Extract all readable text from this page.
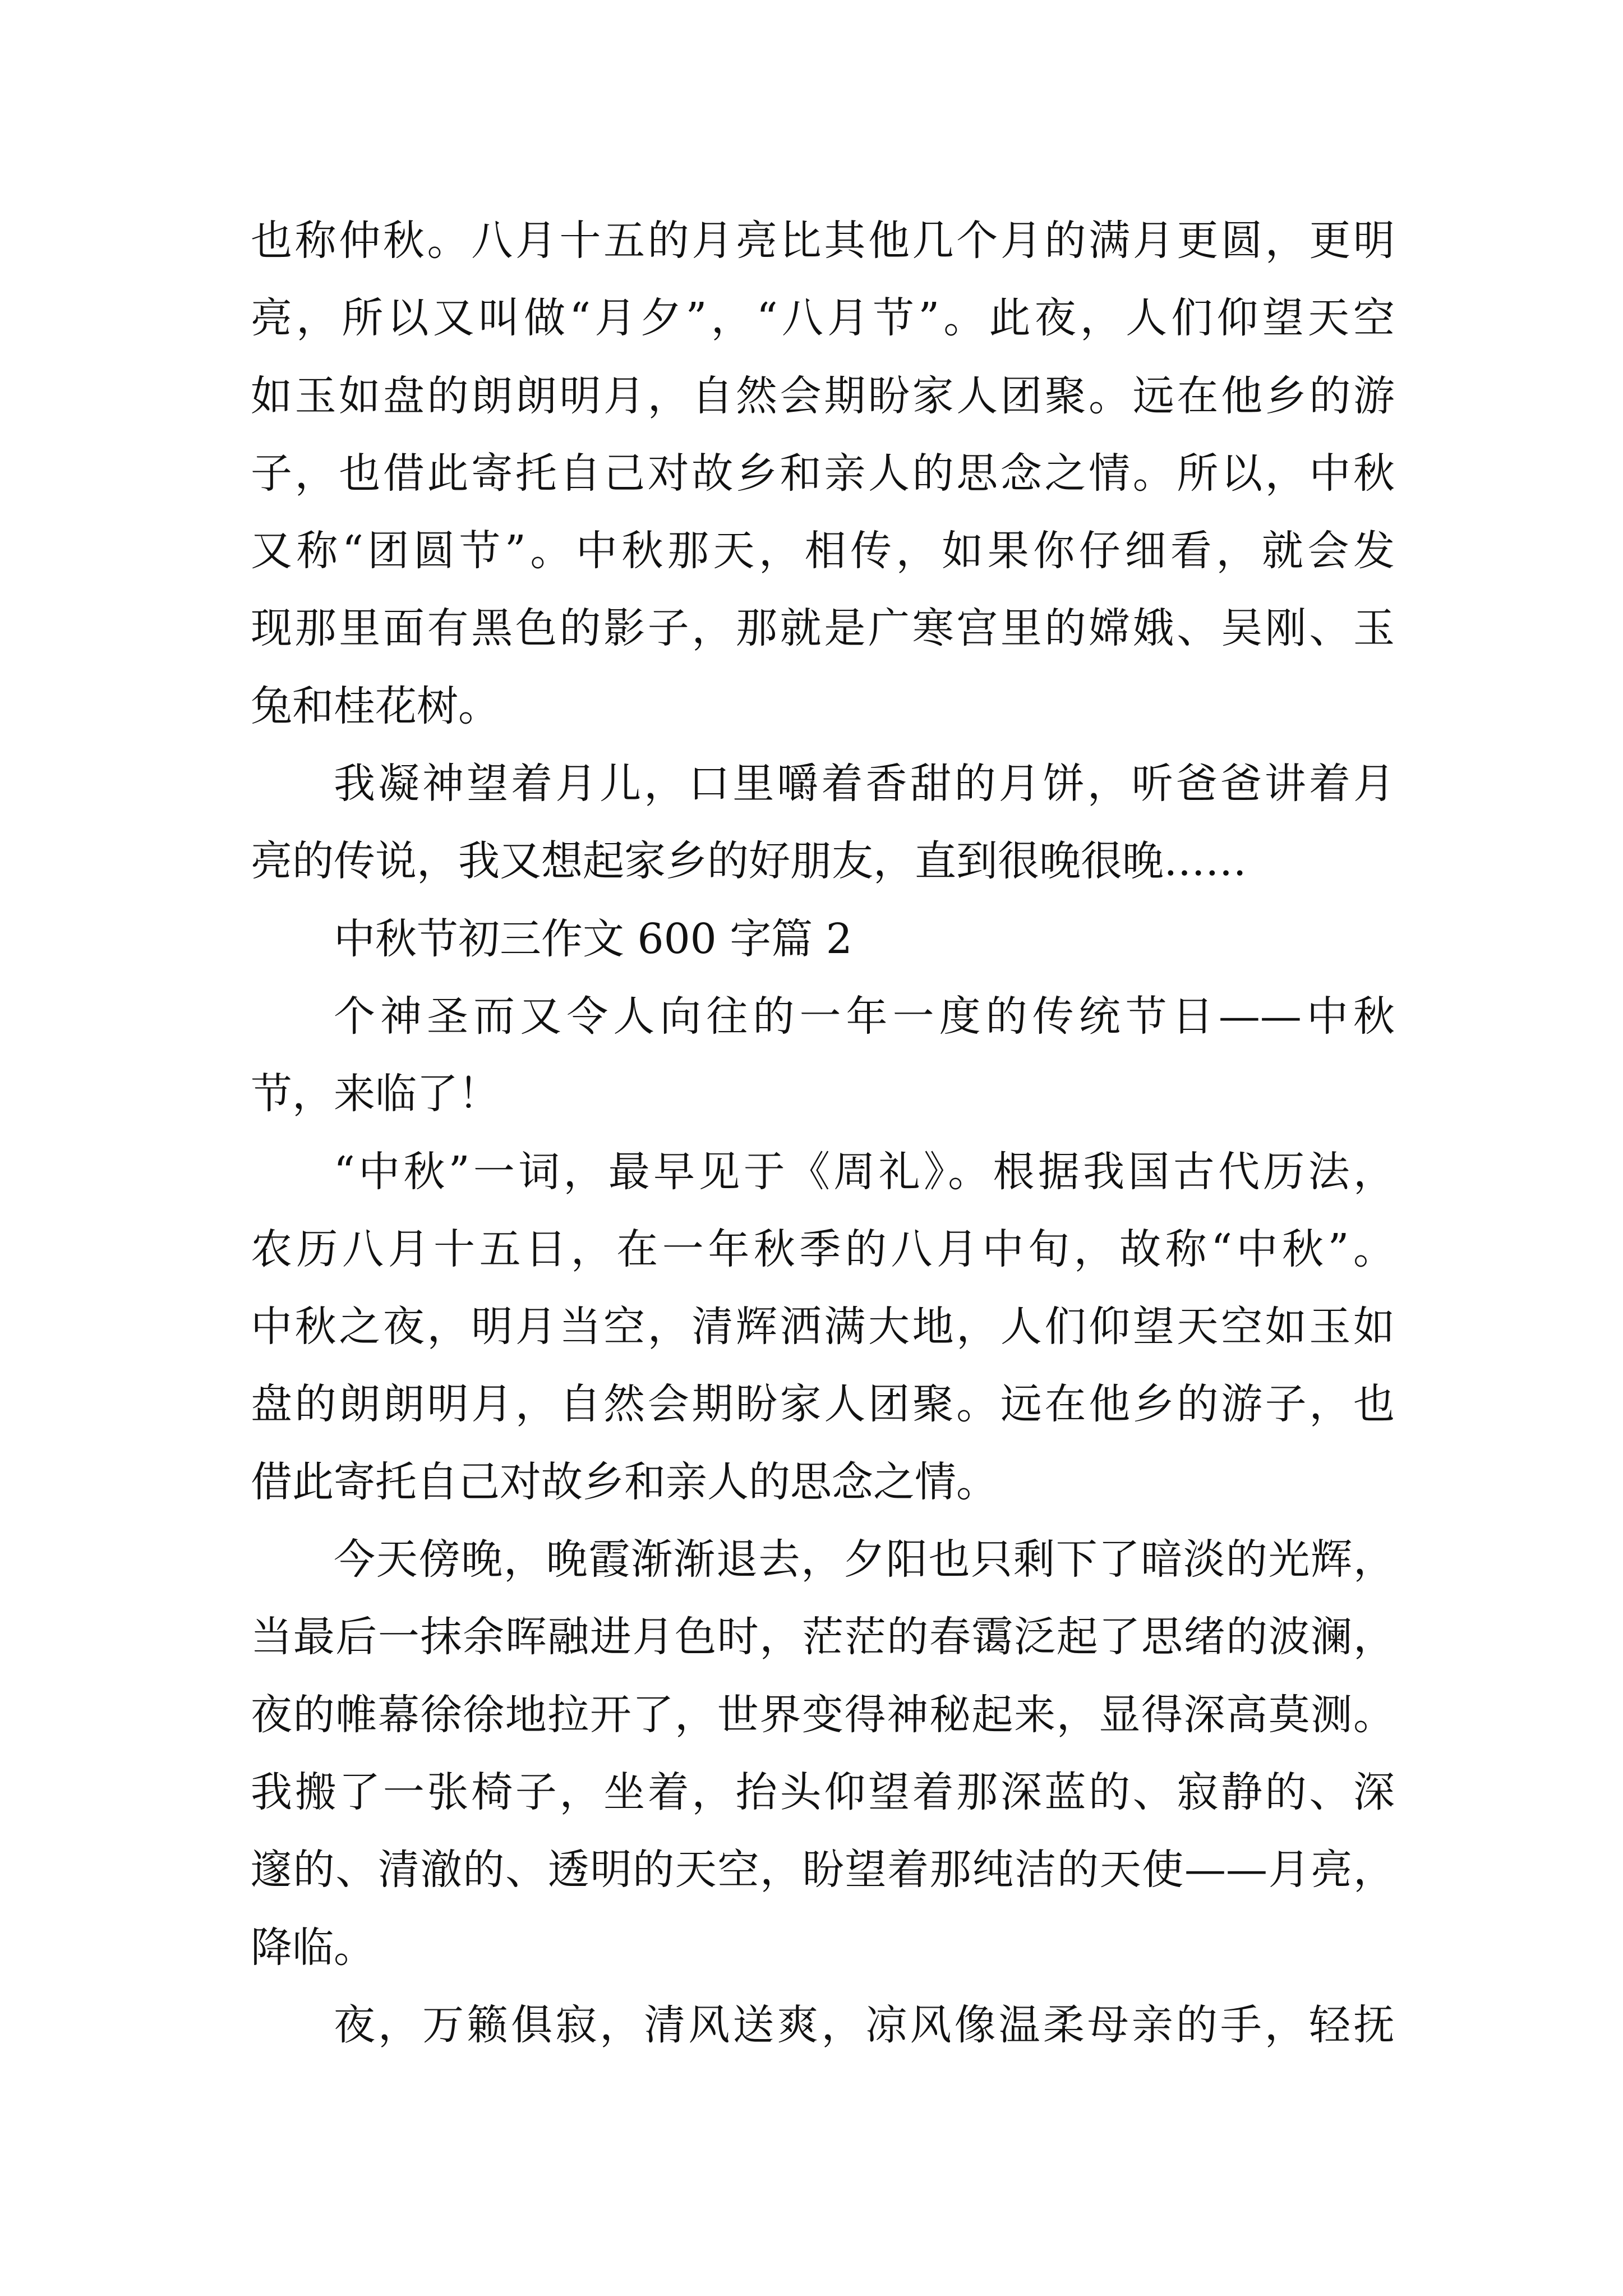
也称仲秋。八月十五的月亮比其他几个月的满月更圆，更明
亮，所以又叫做“月夕”，“八月节”。此夜，人们仰望天空
如玉如盘的朗朗明月，自然会期盼家人团聚。远在他乡的游
子，也借此寄托自己对故乡和亲人的思念之情。所以，中秋
又称“团圆节”。中秋那天，相传，如果你仔细看，就会发
现那里面有黑色的影子，那就是广寒宫里的嫦娥、吴刚、玉
兔和桂花树。
我凝神望着月儿，口里嚼着香甜的月饼，听爸爸讲着月
亮的传说，我又想起家乡的好朋友，直到很晚很晚……
中秋节初三作文 600 字篇 2
个神圣而又令人向往的一年一度的传统节日——中秋
节，来临了！
“中秋”一词，最早见于《周礼》。根据我国古代历法，
农历八月十五日，在一年秋季的八月中旬，故称“中秋”。
中秋之夜，明月当空，清辉洒满大地，人们仰望天空如玉如
盘的朗朗明月，自然会期盼家人团聚。远在他乡的游子，也
借此寄托自己对故乡和亲人的思念之情。
今天傍晚，晚霞渐渐退去，夕阳也只剩下了暗淡的光辉，
当最后一抹余晖融进月色时，茫茫的春霭泛起了思绪的波澜，
夜的帷幕徐徐地拉开了，世界变得神秘起来，显得深高莫测。
我搬了一张椅子，坐着，抬头仰望着那深蓝的、寂静的、深
邃的、清澈的、透明的天空，盼望着那纯洁的天使——月亮，
降临。
夜，万籁俱寂，清风送爽，凉风像温柔母亲的手，轻抚
